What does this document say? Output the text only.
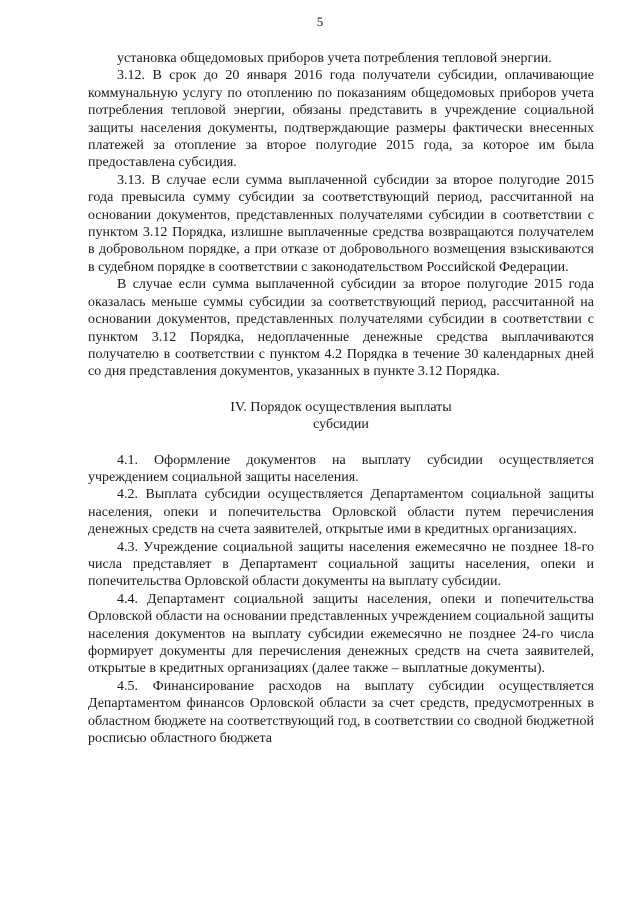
5

установка общедомовых приборов учета потребления тепловой энергии.

3.12. В срок до 20 января 2016 года получатели субсидии, оплачивающие коммунальную услугу по отоплению по показаниям общедомовых приборов учета потребления тепловой энергии, обязаны представить в учреждение социальной защиты населения документы, подтверждающие размеры фактически внесенных платежей за отопление за второе полугодие 2015 года, за которое им была предоставлена субсидия.

3.13. В случае если сумма выплаченной субсидии за второе полугодие 2015 года превысила сумму субсидии за соответствующий период, рассчитанной на основании документов, представленных получателями субсидии в соответствии с пунктом 3.12 Порядка, излишне выплаченные средства возвращаются получателем в добровольном порядке, а при отказе от добровольного возмещения взыскиваются в судебном порядке в соответствии с законодательством Российской Федерации.

В случае если сумма выплаченной субсидии за второе полугодие 2015 года оказалась меньше суммы субсидии за соответствующий период, рассчитанной на основании документов, представленных получателями субсидии в соответствии с пунктом 3.12 Порядка, недоплаченные денежные средства выплачиваются получателю в соответствии с пунктом 4.2 Порядка в течение 30 календарных дней со дня представления документов, указанных в пункте 3.12 Порядка.

IV. Порядок осуществления выплаты
субсидии

4.1. Оформление документов на выплату субсидии осуществляется учреждением социальной защиты населения.

4.2. Выплата субсидии осуществляется Департаментом социальной защиты населения, опеки и попечительства Орловской области путем перечисления денежных средств на счета заявителей, открытые ими в кредитных организациях.

4.3. Учреждение социальной защиты населения ежемесячно не позднее 18-го числа представляет в Департамент социальной защиты населения, опеки и попечительства Орловской области документы на выплату субсидии.

4.4. Департамент социальной защиты населения, опеки и попечительства Орловской области на основании представленных учреждением социальной защиты населения документов на выплату субсидии ежемесячно не позднее 24-го числа формирует документы для перечисления денежных средств на счета заявителей, открытые в кредитных организациях (далее также – выплатные документы).

4.5. Финансирование расходов на выплату субсидии осуществляется Департаментом финансов Орловской области за счет средств, предусмотренных в областном бюджете на соответствующий год, в соответствии со сводной бюджетной росписью областного бюджета
